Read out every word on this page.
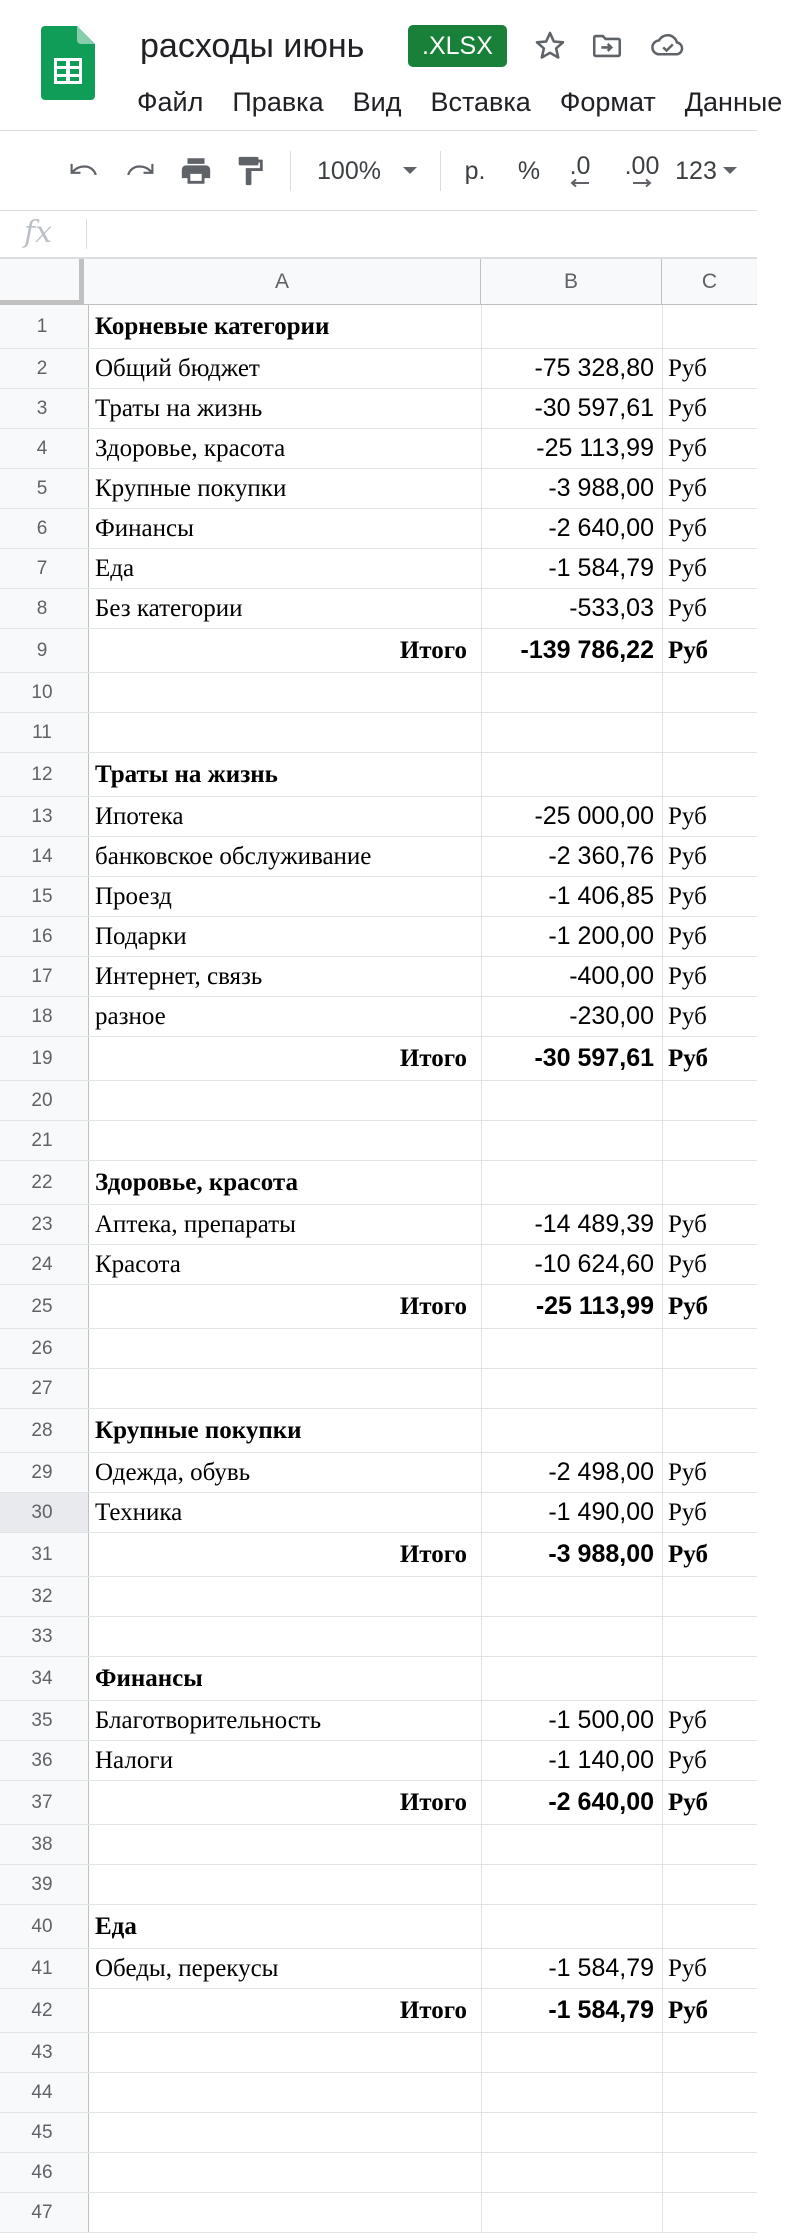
расходы июнь	.XLSX
Файл Правка Вид Вставка Формат Данные
100%	р. % .0 .00 123
fx
A	B	C
1	Корневые категории
2	Общий бюджет	-75 328,80 Руб
3	Траты на жизнь	-30 597,61 Руб
4	Здоровье, красота	-25 113,99 Руб
5	Крупные покупки	-3 988,00 Руб
6	Финансы	-2 640,00 Руб
7	Еда	-1 584,79 Руб
8	Без категории	-533,03 Руб
9	Итого	-139 786,22 Руб
10
11
12	Траты на жизнь
13	Ипотека	-25 000,00 Руб
14	банковское обслуживание	-2 360,76 Руб
15	Проезд	-1 406,85 Руб
16	Подарки	-1 200,00 Руб
17	Интернет, связь	-400,00 Руб
18	разное	-230,00 Руб
19	Итого	-30 597,61 Руб
20
21
22	Здоровье, красота
23	Аптека, препараты	-14 489,39 Руб
24	Красота	-10 624,60 Руб
25	Итого	-25 113,99 Руб
26
27
28	Крупные покупки
29	Одежда, обувь	-2 498,00 Руб
30	Техника	-1 490,00 Руб
31	Итого	-3 988,00 Руб
32
33
34	Финансы
35	Благотворительность	-1 500,00 Руб
36	Налоги	-1 140,00 Руб
37	Итого	-2 640,00 Руб
38
39
40	Еда
41	Обеды, перекусы	-1 584,79 Руб
42	Итого	-1 584,79 Руб
43
44
45
46
47
